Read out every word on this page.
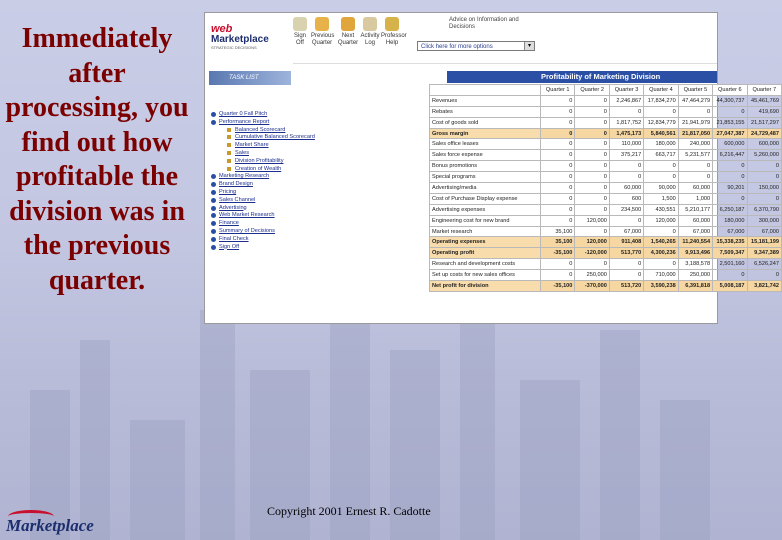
Immediately after processing, you find out how profitable the division was in the previous quarter.
web
Marketplace
STRATEGIC DECISIONS
Sign
Off
Previous
Quarter
Next
Quarter
Activity
Log
Professor
Help
Advice on Information and Decisions
Click here for more options	▾
TASK LIST
Quarter 0 Fall Pitch
Performance Report
Balanced Scorecard
Cumulative Balanced Scorecard
Market Share
Sales
Division Profitability
Creation of Wealth
Marketing Research
Brand Design
Pricing
Sales Channel
Advertising
Web Market Research
Finance
Summary of Decisions
Final Check
Sign Off
Profitability of Marketing Division
	Quarter 1	Quarter 2	Quarter 3	Quarter 4	Quarter 5	Quarter 6	Quarter 7
Revenues	0	0	2,246,867	17,834,270	47,464,279	44,300,737	45,461,769
Rebates	0	0	0	0	0	0	419,690
Cost of goods sold	0	0	1,817,752	12,834,779	21,941,979	21,853,155	21,517,297
Gross margin	0	0	1,475,173	5,840,561	21,817,050	27,047,387	24,729,487
Sales office leases	0	0	110,000	180,000	240,000	600,000	600,000
Sales force expense	0	0	375,217	663,717	5,231,577	6,216,447	5,260,000
Bonus promotions	0	0	0	0	0	0	0
Special programs	0	0	0	0	0	0	0
Advertising/media	0	0	60,000	90,000	60,000	90,201	150,000
Cost of Purchase Display expense	0	0	600	1,500	1,000	0	0
Advertising expenses	0	0	234,500	430,551	5,210,177	6,250,187	6,370,790
Engineering cost for new brand	0	120,000	0	120,000	60,000	180,000	300,000
Market research	35,100	0	67,000	0	67,000	67,000	67,000
Operating expenses	35,100	120,000	911,408	1,540,265	11,240,554	15,338,235	15,181,199
Operating profit	-35,100	-120,000	513,770	4,300,236	9,913,496	7,509,347	9,347,389
Research and development costs	0	0	0	0	3,188,578	2,501,160	6,526,247
Set up costs for new sales offices	0	250,000	0	710,000	250,000	0	0
Net profit for division	-35,100	-370,000	513,720	3,590,238	6,391,818	5,008,187	3,821,742
Copyright 2001 Ernest R. Cadotte
Marketplace
